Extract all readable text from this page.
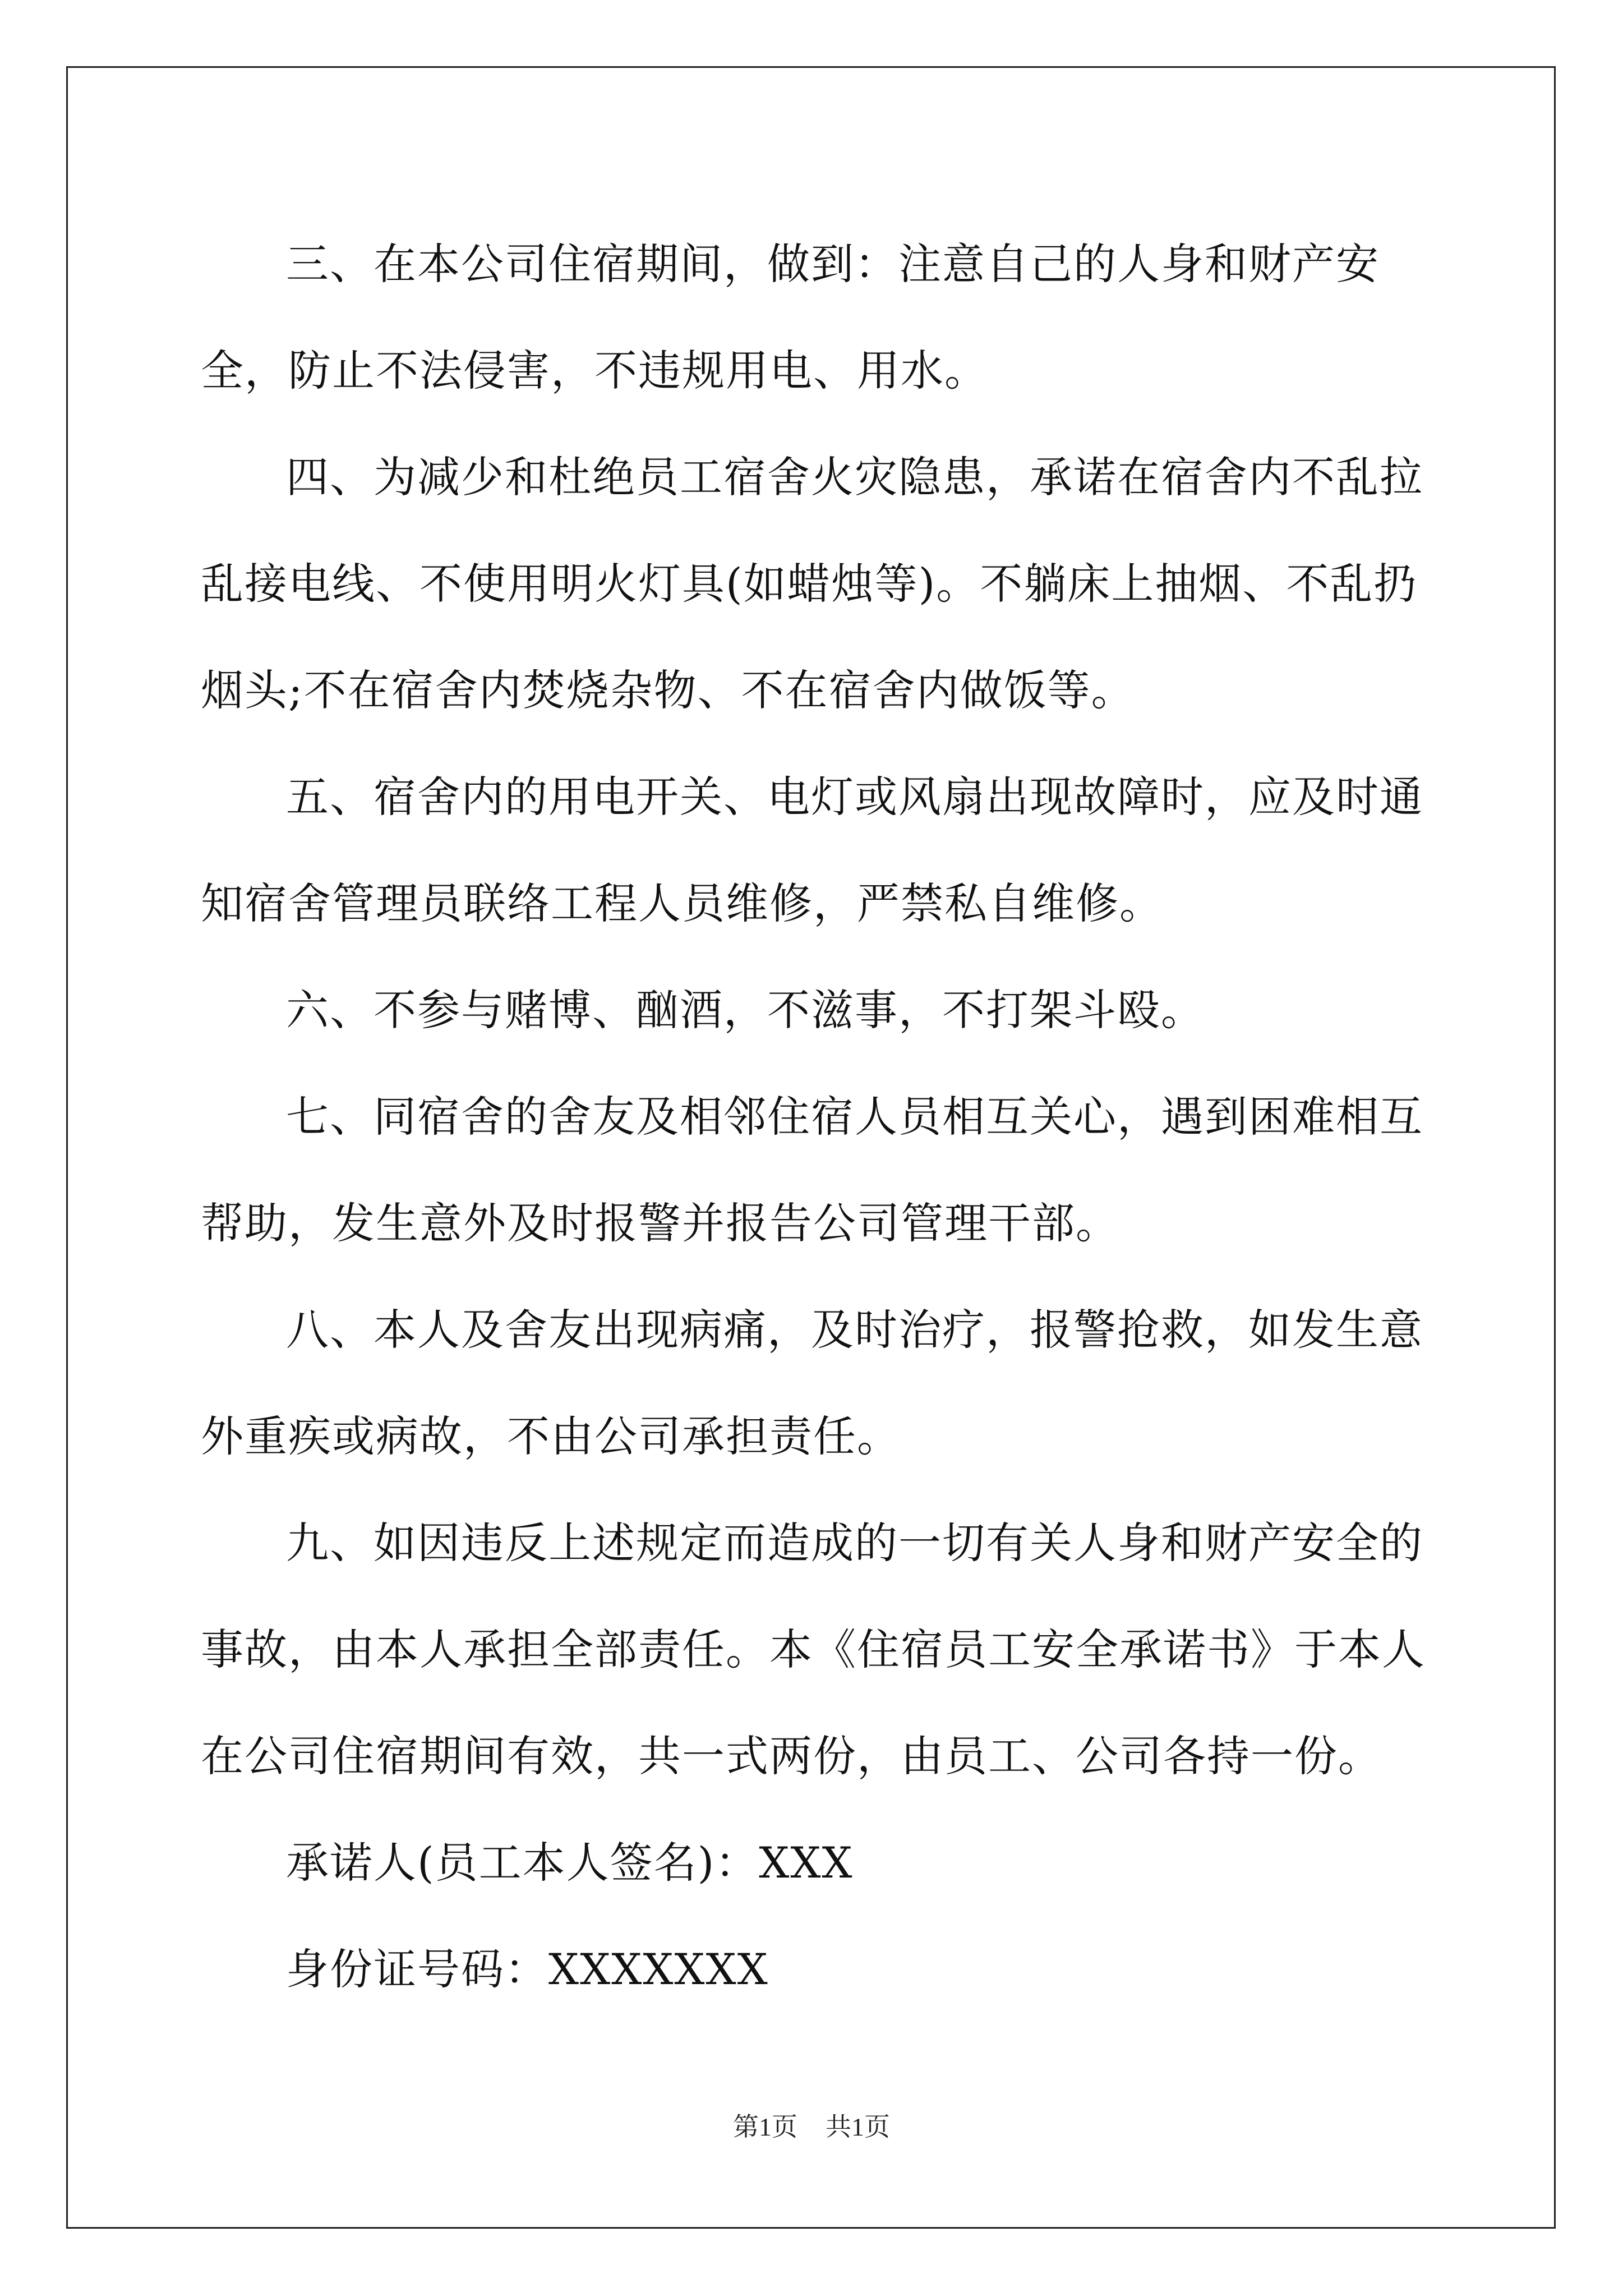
三、在本公司住宿期间，做到：注意自己的人身和财产安全，防止不法侵害，不违规用电、用水。

四、为减少和杜绝员工宿舍火灾隐患，承诺在宿舍内不乱拉乱接电线、不使用明火灯具(如蜡烛等)。不躺床上抽烟、不乱扔烟头;不在宿舍内焚烧杂物、不在宿舍内做饭等。

五、宿舍内的用电开关、电灯或风扇出现故障时，应及时通知宿舍管理员联络工程人员维修，严禁私自维修。

六、不参与赌博、酗酒，不滋事，不打架斗殴。

七、同宿舍的舍友及相邻住宿人员相互关心，遇到困难相互帮助，发生意外及时报警并报告公司管理干部。

八、本人及舍友出现病痛，及时治疗，报警抢救，如发生意外重疾或病故，不由公司承担责任。

九、如因违反上述规定而造成的一切有关人身和财产安全的事故，由本人承担全部责任。本《住宿员工安全承诺书》于本人在公司住宿期间有效，共一式两份，由员工、公司各持一份。

承诺人(员工本人签名)：XXX

身份证号码：XXXXXXX

第1页 共1页
